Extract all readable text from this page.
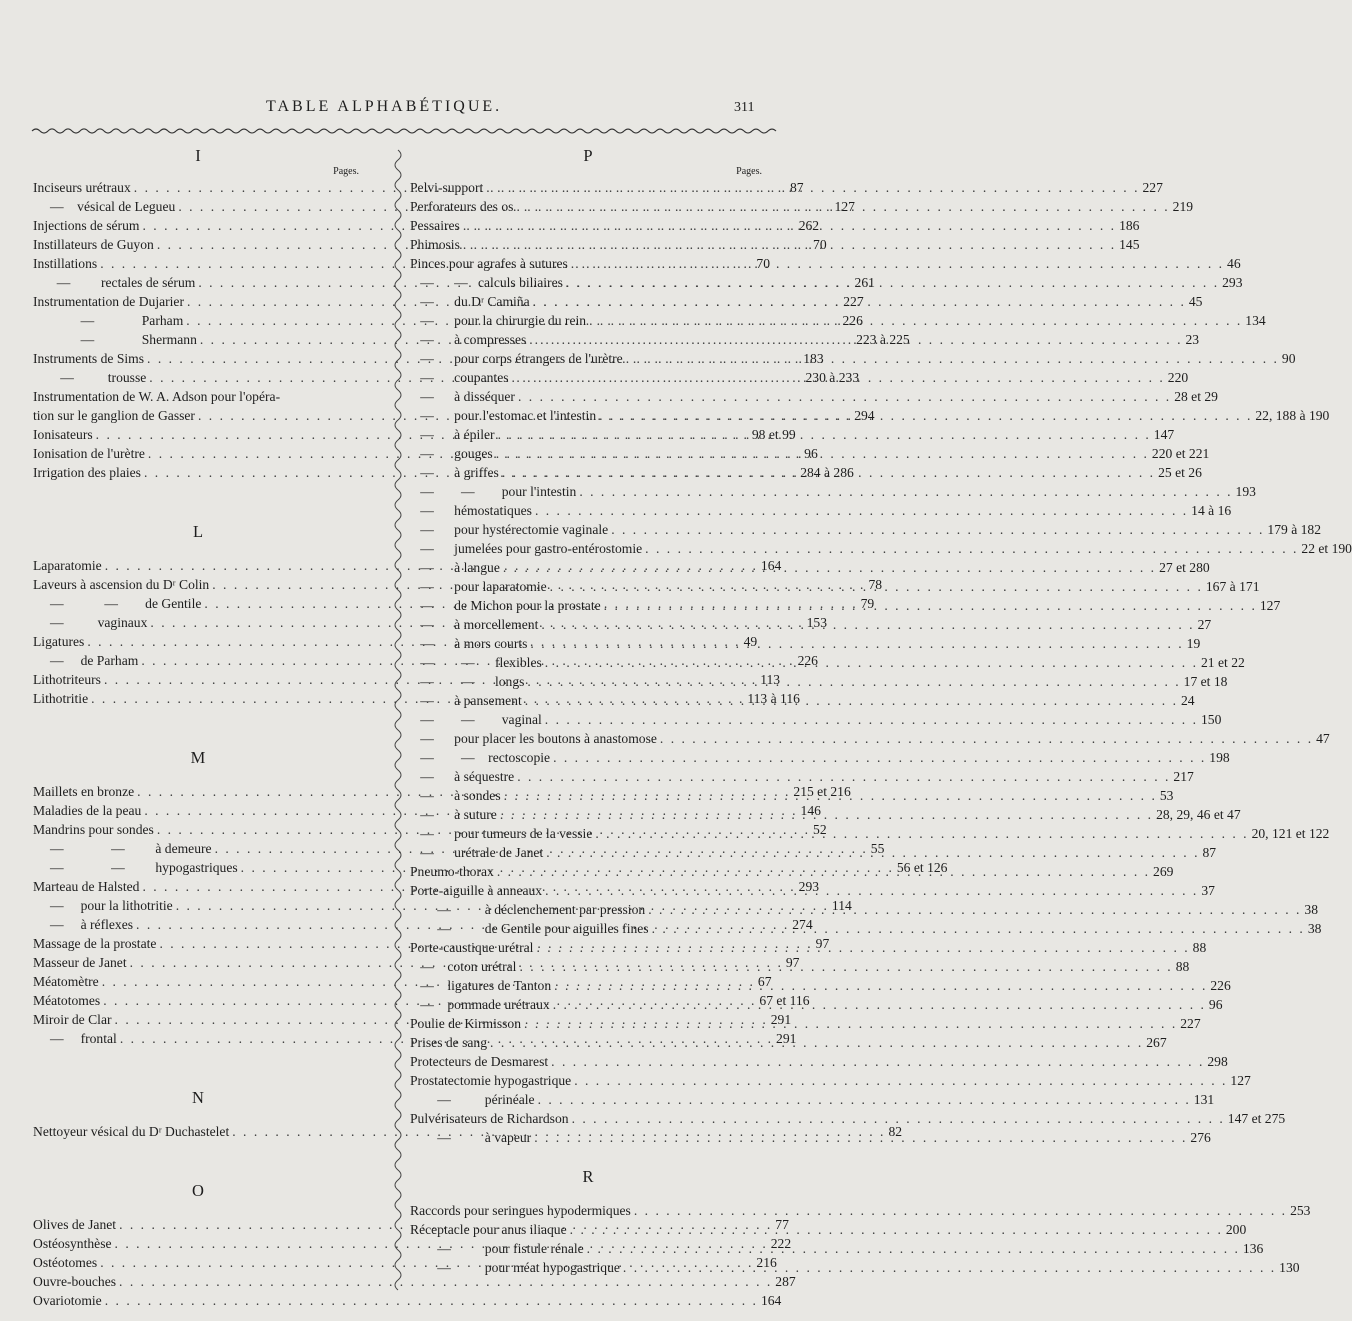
TABLE ALPHABÉTIQUE.	311
I
Pages.
Inciseurs urétraux . . .	87
—    vésical de Legueu . . .	127
Injections de sérum . . .	262
Instillateurs de Guyon . . .	70
Instillations . . .	70
—         rectales de sérum . . .	261
Instrumentation de Dujarier . . .	227
—              Parham . . .	226
—              Shermann . . .	223 à 225
Instruments de Sims . . .	183
—          trousse . . .	230 à 233
Instrumentation de W. A. Adson pour l'opéra-
tion sur le ganglion de Gasser . . .	294
Ionisateurs . . .	98 et 99
Ionisation de l'urètre . . .	96
Irrigation des plaies . . .	284 à 286
L
Laparatomie . . .	164
Laveurs à ascension du Dʳ Colin . . .	78
—            —        de Gentile . . .	79
—          vaginaux . . .	153
Ligatures . . .	49
—     de Parham . . .	226
Lithotriteurs . . .	113
Lithotritie . . .	113 à 116
M
Maillets en bronze . . .	215 et 216
Maladies de la peau . . .	146
Mandrins pour sondes . . .	52
—              —         à demeure . . .	55
—              —         hypogastriques . . .	56 et 126
Marteau de Halsted . . .	293
—     pour la lithotritie . . .	114
—     à réflexes . . .	274
Massage de la prostate . . .	97
Masseur de Janet . . .	97
Méatomètre . . .	67
Méatotomes . . .	67 et 116
Miroir de Clar . . .	291
—     frontal . . .	291
N
Nettoyeur vésical du Dʳ Duchastelet . . .	82
O
Olives de Janet . . .	77
Ostéosynthèse . . .	222
Ostéotomes . . .	216
Ouvre-bouches . . .	287
Ovariotomie . . .	164
P
Pages.
Pelvi-support . . .	227
Perforateurs des os . . .	219
Pessaires . . .	186
Phimosis . . .	145
Pinces pour agrafes à sutures . . .	46
—      —   calculs biliaires . . .	293
—      du Dʳ Camiña . . .	45
—      pour la chirurgie du rein . . .	134
—      à compresses . . .	23
—      pour corps étrangers de l'urètre . . .	90
—      coupantes . . .	220
—      à disséquer . . .	28 et 29
—      pour l'estomac et l'intestin . . .	22, 188 à 190
—      à épiler . . .	147
—      gouges . . .	220 et 221
—      à griffes . . .	25 et 26
—        —        pour l'intestin . . .	193
—      hémostatiques . . .	14 à 16
—      pour hystérectomie vaginale . . .	179 à 182
—      jumelées pour gastro-entérostomie . . .	22 et 190
—      à langue . . .	27 et 280
—      pour laparatomie . . .	167 à 171
—      de Michon pour la prostate . . .	127
—      à morcellement . . .	27
—      à mors courts . . .	19
—        —      flexibles . . .	21 et 22
—        —      longs . . .	17 et 18
—      à pansement . . .	24
—        —        vaginal . . .	150
—      pour placer les boutons à anastomose . . .	47
—        —    rectoscopie . . .	198
—      à séquestre . . .	217
—      à sondes . . .	53
—      à suture . . .	28, 29, 46 et 47
—      pour tumeurs de la vessie . . .	20, 121 et 122
—      urétrale de Janet . . .	87
Pneumo-thorax . . .	269
Porte-aiguille à anneaux . . .	37
—          à déclenchement par pression . . .	38
—          de Gentile pour aiguilles fines . . .	38
Porte-caustique urétral . . .	88
—    coton urétral . . .	88
—    ligatures de Tanton . . .	226
—    pommade urétraux . . .	96
Poulie de Kirmisson . . .	227
Prises de sang . . .	267
Protecteurs de Desmarest . . .	298
Prostatectomie hypogastrique . . .	127
—          périnéale . . .	131
Pulvérisateurs de Richardson . . .	147 et 275
—          à vapeur . . .	276
R
Raccords pour seringues hypodermiques . . .	253
Réceptacle pour anus iliaque . . .	200
—          pour fistule rénale . . .	136
—          pour méat hypogastrique . . .	130
